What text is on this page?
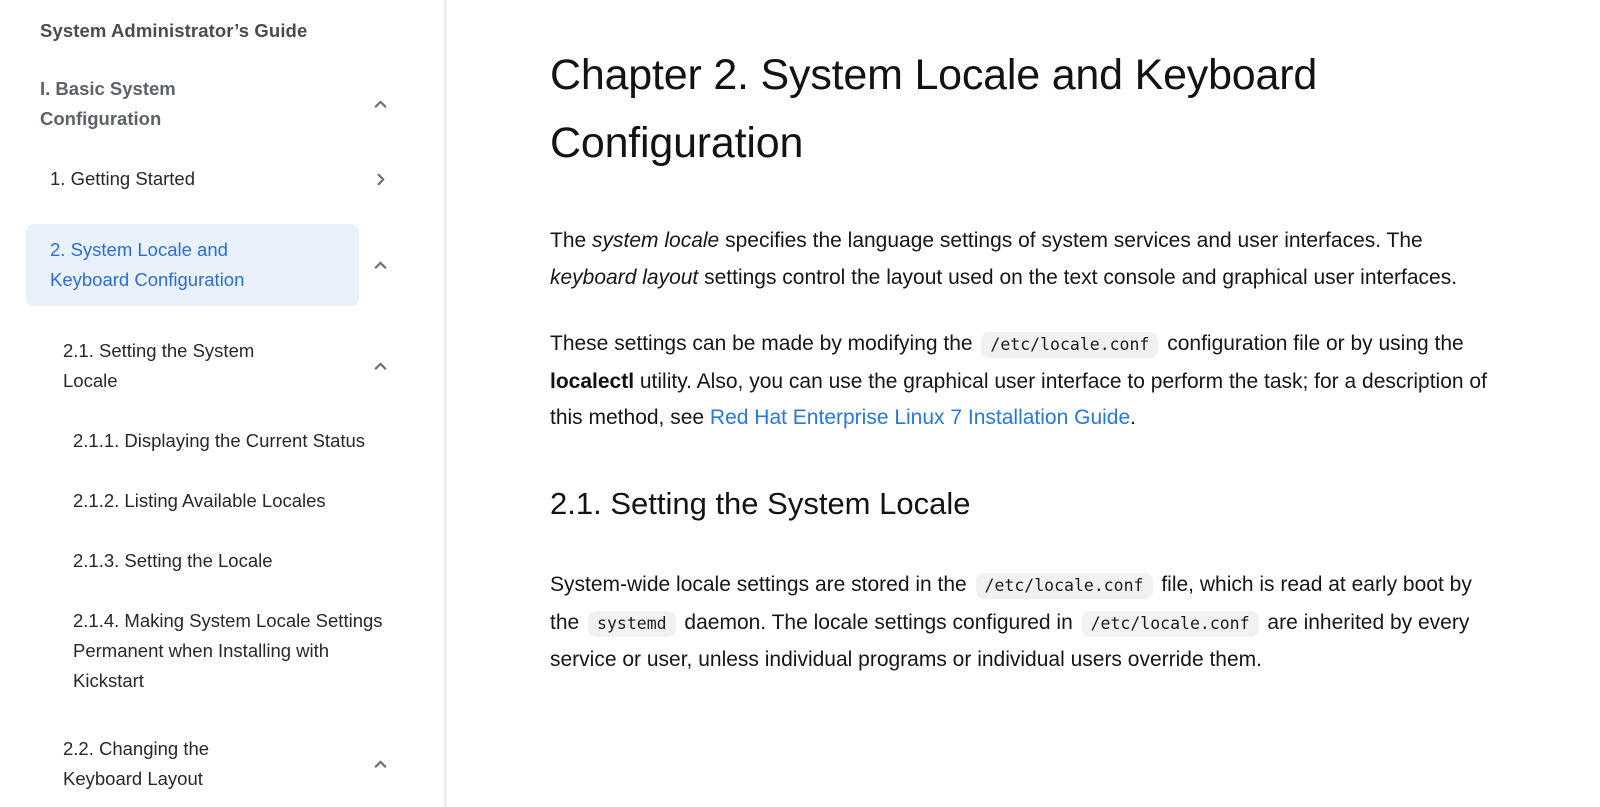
System Administrator’s Guide
I. Basic System Configuration
1. Getting Started
2. System Locale and Keyboard Configuration
2.1. Setting the System Locale
2.1.1. Displaying the Current Status
2.1.2. Listing Available Locales
2.1.3. Setting the Locale
2.1.4. Making System Locale Settings Permanent when Installing with Kickstart
2.2. Changing the Keyboard Layout
Chapter 2. System Locale and Keyboard Configuration

The system locale specifies the language settings of system services and user interfaces. The keyboard layout settings control the layout used on the text console and graphical user interfaces.

These settings can be made by modifying the /etc/locale.conf configuration file or by using the localectl utility. Also, you can use the graphical user interface to perform the task; for a description of this method, see Red Hat Enterprise Linux 7 Installation Guide.

2.1. Setting the System Locale

System-wide locale settings are stored in the /etc/locale.conf file, which is read at early boot by the systemd daemon. The locale settings configured in /etc/locale.conf are inherited by every service or user, unless individual programs or individual users override them.
